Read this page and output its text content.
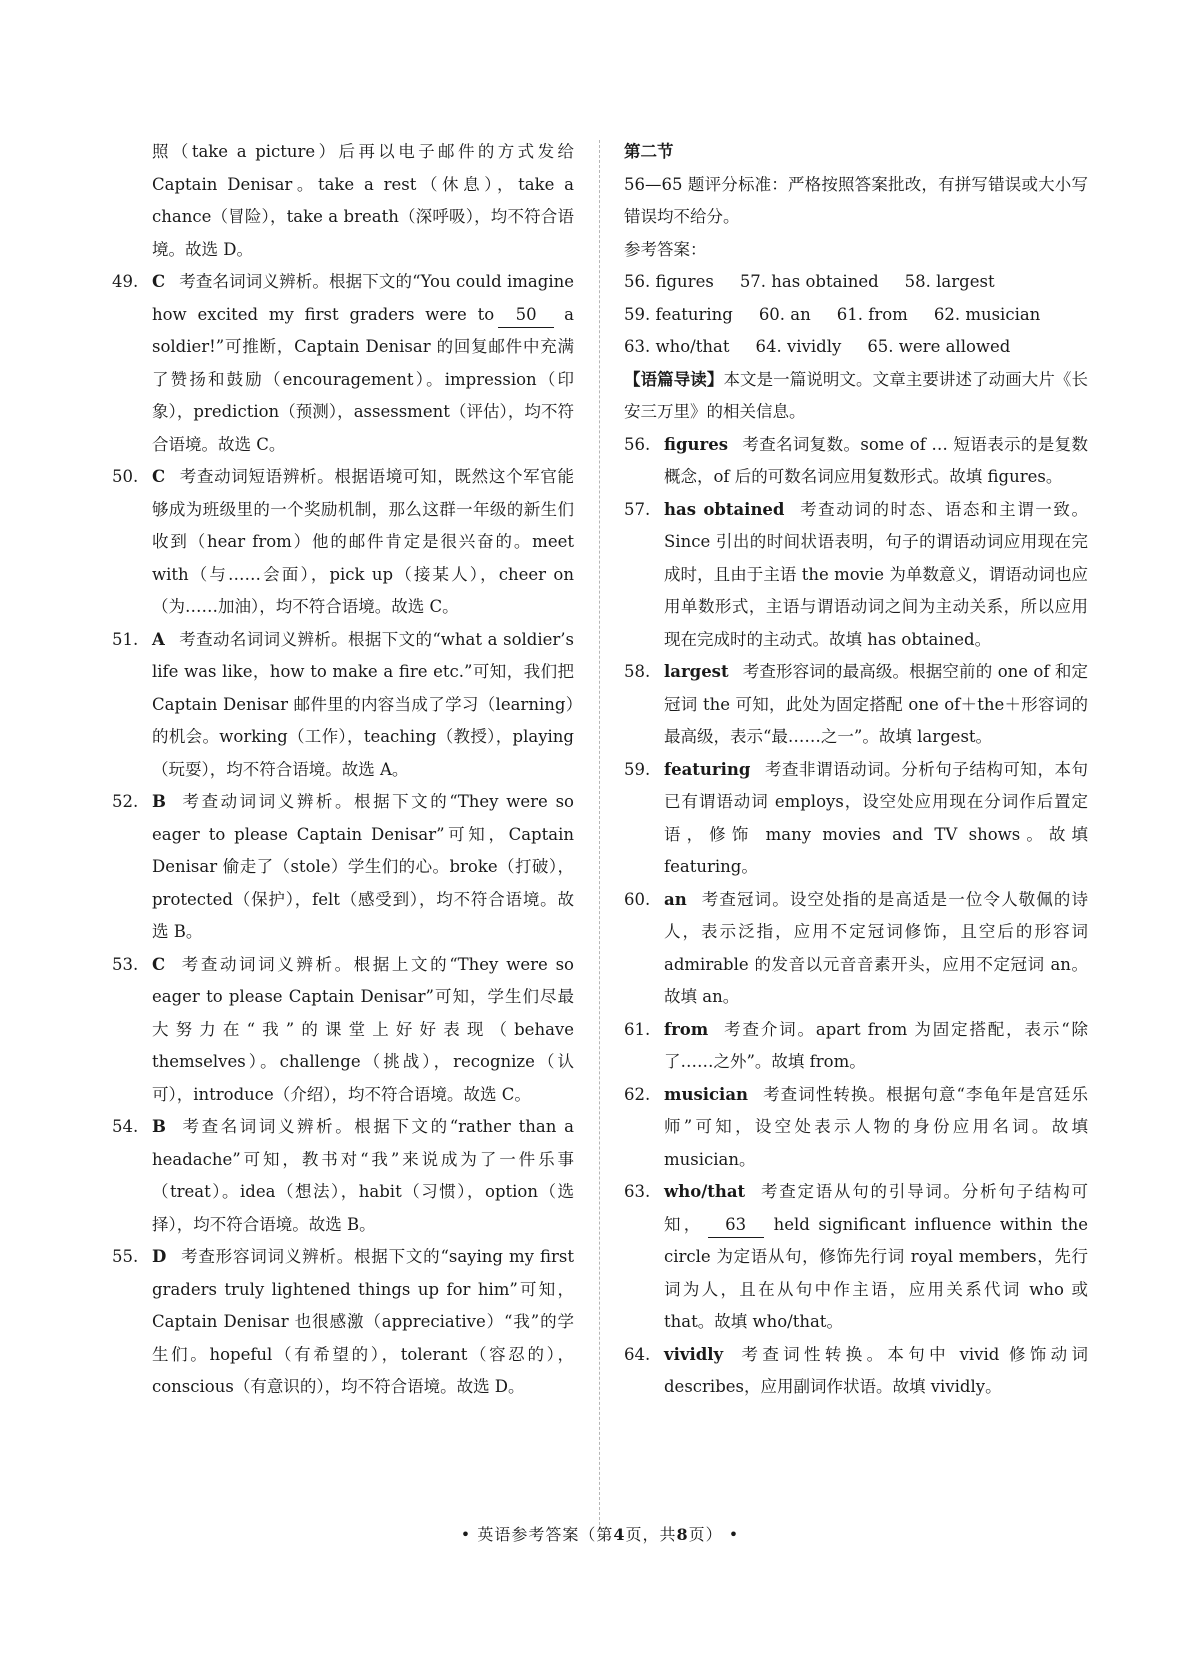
照（take a picture）后再以电子邮件的方式发给 Captain Denisar。take a rest（休息），take a chance（冒险），take a breath（深呼吸），均不符合语境。故选 D。
49. C 考查名词词义辨析。根据下文的“You could imagine how excited my first graders were to 50 a soldier!”可推断，Captain Denisar 的回复邮件中充满了赞扬和鼓励（encouragement）。impression（印象），prediction（预测），assessment（评估），均不符合语境。故选 C。
50. C 考查动词短语辨析。根据语境可知，既然这个军官能够成为班级里的一个奖励机制，那么这群一年级的新生们收到（hear from）他的邮件肯定是很兴奋的。meet with（与……会面），pick up（接某人），cheer on（为……加油），均不符合语境。故选 C。
51. A 考查动名词词义辨析。根据下文的“what a soldier’s life was like，how to make a fire etc.”可知，我们把 Captain Denisar 邮件里的内容当成了学习（learning）的机会。working（工作），teaching（教授），playing（玩耍），均不符合语境。故选 A。
52. B 考查动词词义辨析。根据下文的“They were so eager to please Captain Denisar”可知，Captain Denisar 偷走了（stole）学生们的心。broke（打破），protected（保护），felt（感受到），均不符合语境。故选 B。
53. C 考查动词词义辨析。根据上文的“They were so eager to please Captain Denisar”可知，学生们尽最大努力在“我”的课堂上好好表现（behave themselves）。challenge（挑战），recognize（认可），introduce（介绍），均不符合语境。故选 C。
54. B 考查名词词义辨析。根据下文的“rather than a headache”可知，教书对“我”来说成为了一件乐事（treat）。idea（想法），habit（习惯），option（选择），均不符合语境。故选 B。
55. D 考查形容词词义辨析。根据下文的“saying my first graders truly lightened things up for him”可知，Captain Denisar 也很感激（appreciative）“我”的学生们。hopeful（有希望的），tolerant（容忍的），conscious（有意识的），均不符合语境。故选 D。
第二节
56—65 题评分标准：严格按照答案批改，有拼写错误或大小写错误均不给分。
参考答案：
56. figures 57. has obtained 58. largest
59. featuring 60. an 61. from 62. musician
63. who/that 64. vividly 65. were allowed
【语篇导读】本文是一篇说明文。文章主要讲述了动画大片《长安三万里》的相关信息。
56. figures 考查名词复数。some of … 短语表示的是复数概念，of 后的可数名词应用复数形式。故填 figures。
57. has obtained 考查动词的时态、语态和主谓一致。Since 引出的时间状语表明，句子的谓语动词应用现在完成时，且由于主语 the movie 为单数意义，谓语动词也应用单数形式，主语与谓语动词之间为主动关系，所以应用现在完成时的主动式。故填 has obtained。
58. largest 考查形容词的最高级。根据空前的 one of 和定冠词 the 可知，此处为固定搭配 one of＋the＋形容词的最高级，表示“最……之一”。故填 largest。
59. featuring 考查非谓语动词。分析句子结构可知，本句已有谓语动词 employs，设空处应用现在分词作后置定语，修饰 many movies and TV shows。故填 featuring。
60. an 考查冠词。设空处指的是高适是一位令人敬佩的诗人，表示泛指，应用不定冠词修饰，且空后的形容词 admirable 的发音以元音音素开头，应用不定冠词 an。故填 an。
61. from 考查介词。apart from 为固定搭配，表示“除了……之外”。故填 from。
62. musician 考查词性转换。根据句意“李龟年是宫廷乐师”可知，设空处表示人物的身份应用名词。故填 musician。
63. who/that 考查定语从句的引导词。分析句子结构可知， 63 held significant influence within the circle 为定语从句，修饰先行词 royal members，先行词为人，且在从句中作主语，应用关系代词 who 或 that。故填 who/that。
64. vividly 考查词性转换。本句中 vivid 修饰动词 describes，应用副词作状语。故填 vividly。
• 英语参考答案（第4页，共8页） •
